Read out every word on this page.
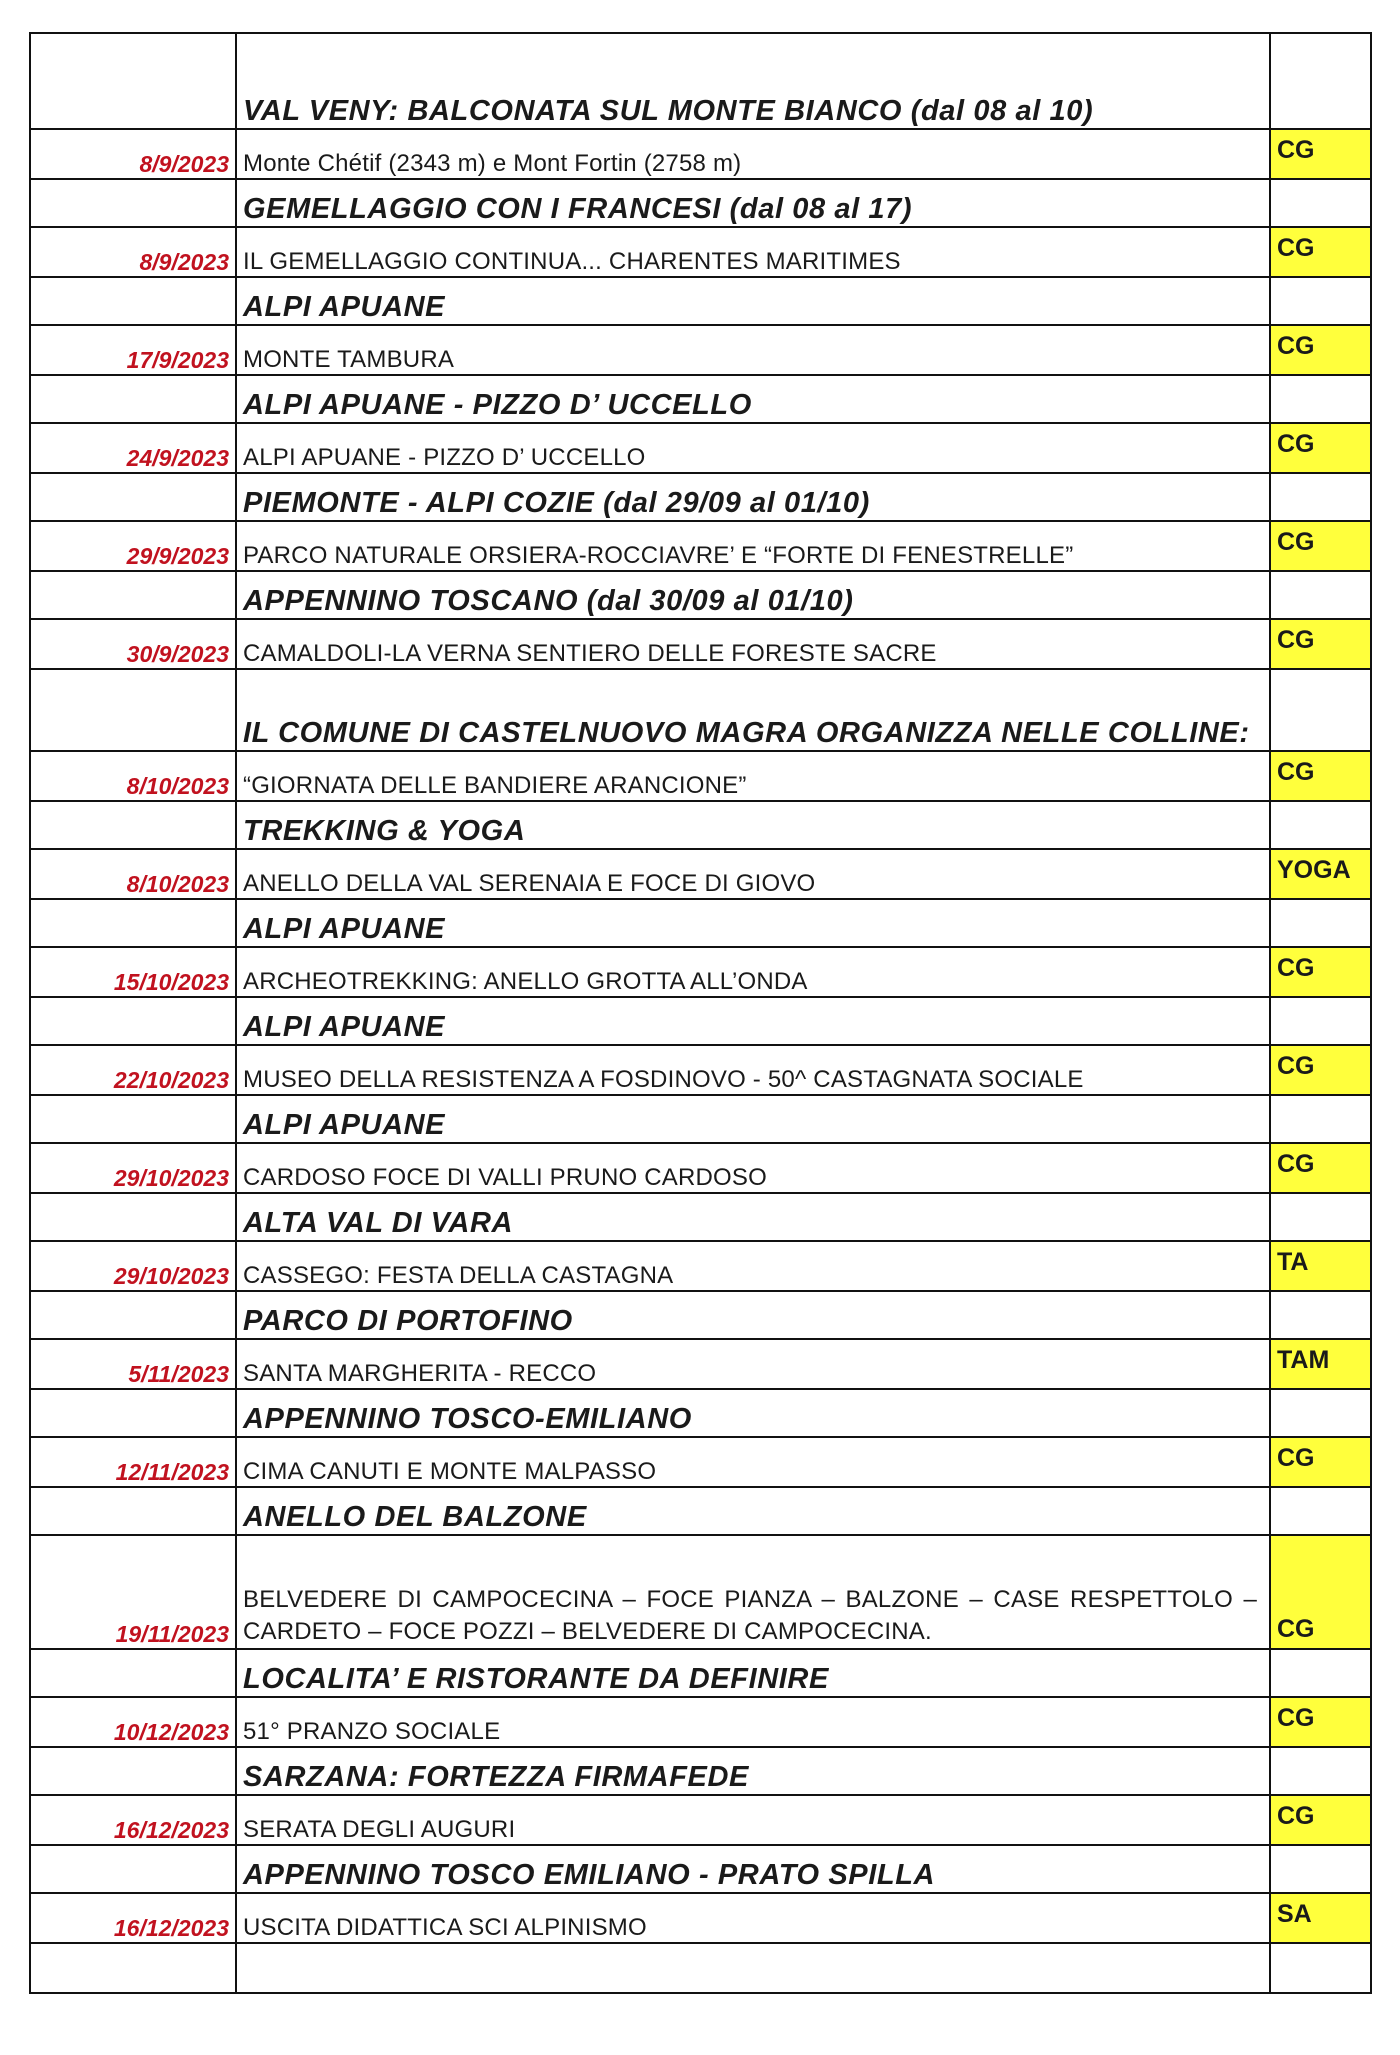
	VAL VENY: BALCONATA SUL MONTE BIANCO (dal 08 al 10)	
8/9/2023	Monte Chétif (2343 m) e Mont Fortin (2758 m)	CG
	GEMELLAGGIO CON I FRANCESI (dal 08 al 17)	
8/9/2023	IL GEMELLAGGIO CONTINUA... CHARENTES MARITIMES	CG
	ALPI APUANE	
17/9/2023	MONTE TAMBURA	CG
	ALPI APUANE - PIZZO D’ UCCELLO	
24/9/2023	ALPI APUANE - PIZZO D’ UCCELLO	CG
	PIEMONTE - ALPI COZIE (dal 29/09 al 01/10)	
29/9/2023	PARCO NATURALE ORSIERA-ROCCIAVRE’ E “FORTE DI FENESTRELLE”	CG
	APPENNINO TOSCANO (dal 30/09 al 01/10)	
30/9/2023	CAMALDOLI-LA VERNA SENTIERO DELLE FORESTE SACRE	CG
	IL COMUNE DI CASTELNUOVO MAGRA ORGANIZZA NELLE COLLINE:	
8/10/2023	“GIORNATA DELLE BANDIERE ARANCIONE”	CG
	TREKKING & YOGA	
8/10/2023	ANELLO DELLA VAL SERENAIA E FOCE DI GIOVO	YOGA
	ALPI APUANE	
15/10/2023	ARCHEOTREKKING: ANELLO GROTTA ALL’ONDA	CG
	ALPI APUANE	
22/10/2023	MUSEO DELLA RESISTENZA A FOSDINOVO - 50^ CASTAGNATA SOCIALE	CG
	ALPI APUANE	
29/10/2023	CARDOSO FOCE DI VALLI PRUNO CARDOSO	CG
	ALTA VAL DI VARA	
29/10/2023	CASSEGO: FESTA DELLA CASTAGNA	TA
	PARCO DI PORTOFINO	
5/11/2023	SANTA MARGHERITA - RECCO	TAM
	APPENNINO TOSCO-EMILIANO	
12/11/2023	CIMA CANUTI E MONTE MALPASSO	CG
	ANELLO DEL BALZONE	
19/11/2023	BELVEDERE DI CAMPOCECINA – FOCE PIANZA – BALZONE – CASE RESPETTOLO – CARDETO – FOCE POZZI – BELVEDERE DI CAMPOCECINA.	CG
	LOCALITA’ E RISTORANTE DA DEFINIRE	
10/12/2023	51° PRANZO SOCIALE	CG
	SARZANA: FORTEZZA FIRMAFEDE	
16/12/2023	SERATA DEGLI AUGURI	CG
	APPENNINO TOSCO EMILIANO - PRATO SPILLA	
16/12/2023	USCITA DIDATTICA SCI ALPINISMO	SA
